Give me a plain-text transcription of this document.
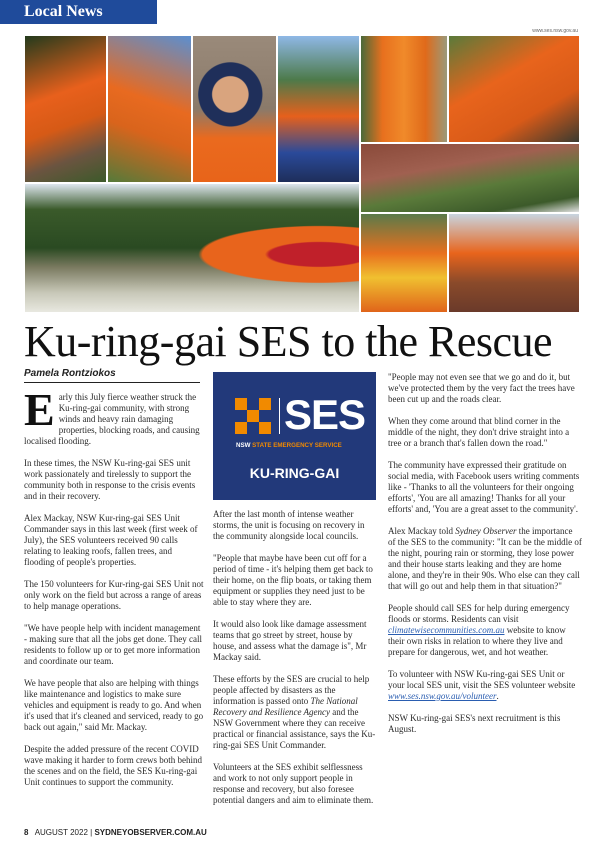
Local News
www.ses.nsw.gov.au
Ku-ring-gai SES to the Rescue
Pamela Rontziokos

Early this July fierce weather struck the Ku-ring-gai community, with strong winds and heavy rain damaging properties, blocking roads, and causing localised flooding.

In these times, the NSW Ku-ring-gai SES unit work passionately and tirelessly to support the community both in response to the crisis events and in their recovery.

Alex Mackay, NSW Kur-ring-gai SES Unit Commander says in this last week (first week of July), the SES volunteers received 90 calls relating to leaking roofs, fallen trees, and flooding of people's properties.

The 150 volunteers for Kur-ring-gai SES Unit not only work on the field but across a range of areas to help manage operations.

"We have people help with incident management - making sure that all the jobs get done. They call residents to follow up or to get more information and coordinate our team.

We have people that also are helping with things like maintenance and logistics to make sure vehicles and equipment is ready to go. And when it's used that it's cleaned and serviced, ready to go back out again," said Mr. Mackay.

Despite the added pressure of the recent COVID wave making it harder to form crews both behind the scenes and on the field, the SES Ku-ring-gai Unit continues to support the community.

SES
NSW STATE EMERGENCY SERVICE
KU-RING-GAI

After the last month of intense weather storms, the unit is focusing on recovery in the community alongside local councils.

"People that maybe have been cut off for a period of time - it's helping them get back to their home, on the flip boats, or taking them equipment or supplies they need just to be able to stay where they are.

It would also look like damage assessment teams that go street by street, house by house, and assess what the damage is", Mr Mackay said.

These efforts by the SES are crucial to help people affected by disasters as the information is passed onto The National Recovery and Resilience Agency and the NSW Government where they can receive practical or financial assistance, says the Ku-ring-gai SES Unit Commander.

Volunteers at the SES exhibit selflessness and work to not only support people in response and recovery, but also foresee potential dangers and aim to eliminate them.

"People may not even see that we go and do it, but we've protected them by the very fact the trees have been cut up and the roads clear.

When they come around that blind corner in the middle of the night, they don't drive straight into a tree or a branch that's fallen down the road."

The community have expressed their gratitude on social media, with Facebook users writing comments like - 'Thanks to all the volunteers for their ongoing efforts', 'You are all amazing! Thanks for all your efforts' and, 'You are a great asset to the community'.

Alex Mackay told Sydney Observer the importance of the SES to the community: "It can be the middle of the night, pouring rain or storming, they lose power and their house starts leaking and they are home alone, and they're in their 90s. Who else can they call that will go out and help them in that situation?"

People should call SES for help during emergency floods or storms. Residents can visit climatewisecommunities.com.au website to know their own risks in relation to where they live and prepare for dangerous, wet, and hot weather.

To volunteer with NSW Ku-ring-gai SES Unit or your local SES unit, visit the SES volunteer website www.ses.nsw.gov.au/volunteer.

NSW Ku-ring-gai SES's next recruitment is this August.

8 AUGUST 2022 | SYDNEYOBSERVER.COM.AU
